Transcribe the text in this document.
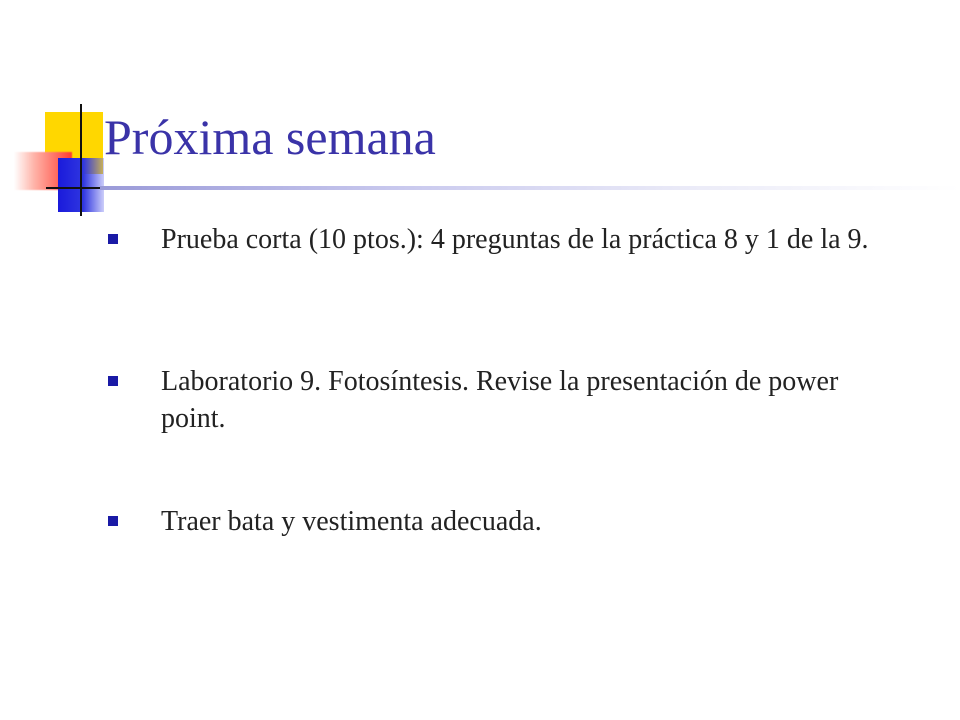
Próxima semana
Prueba corta (10 ptos.): 4 preguntas de la práctica 8 y 1 de la 9.
Laboratorio 9. Fotosíntesis. Revise la presentación de power point.
Traer bata y vestimenta adecuada.
